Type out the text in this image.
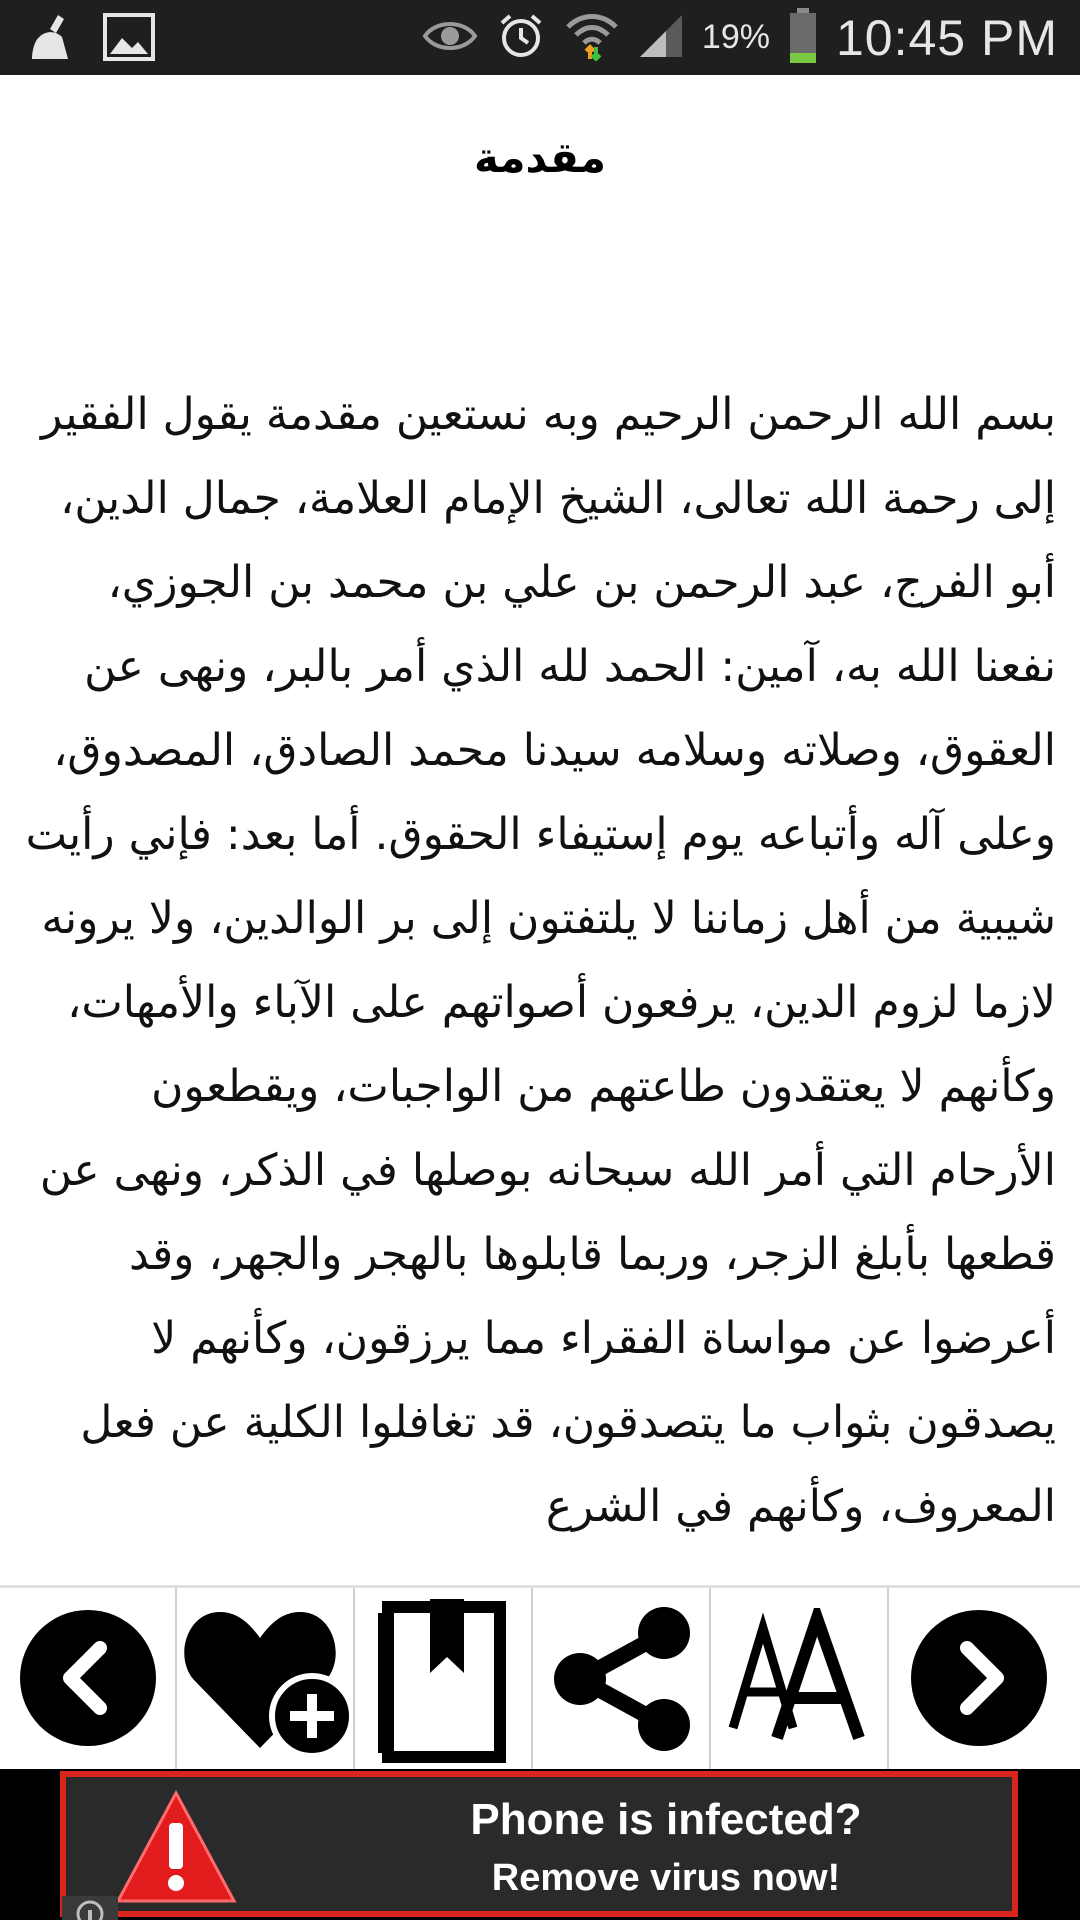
19% 10:45 PM
مقدمة
بسم الله الرحمن الرحيم وبه نستعين مقدمة يقول الفقير إلى رحمة الله تعالى، الشيخ الإمام العلامة، جمال الدين، أبو الفرج، عبد الرحمن بن علي بن محمد بن الجوزي، نفعنا الله به، آمين: الحمد لله الذي أمر بالبر، ونهى عن العقوق، وصلاته وسلامه سيدنا محمد الصادق، المصدوق، وعلى آله وأتباعه يوم إستيفاء الحقوق. أما بعد: فإني رأيت شيبية من أهل زماننا لا يلتفتون إلى بر الوالدين، ولا يرونه لازما لزوم الدين، يرفعون أصواتهم على الآباء والأمهات، وكأنهم لا يعتقدون طاعتهم من الواجبات، ويقطعون الأرحام التي أمر الله سبحانه بوصلها في الذكر، ونهى عن قطعها بأبلغ الزجر، وربما قابلوها بالهجر والجهر، وقد أعرضوا عن مواساة الفقراء مما يرزقون، وكأنهم لا يصدقون بثواب ما يتصدقون، قد تغافلوا الكلية عن فعل المعروف، وكأنهم في الشرع
Phone is infected?
Remove virus now!
